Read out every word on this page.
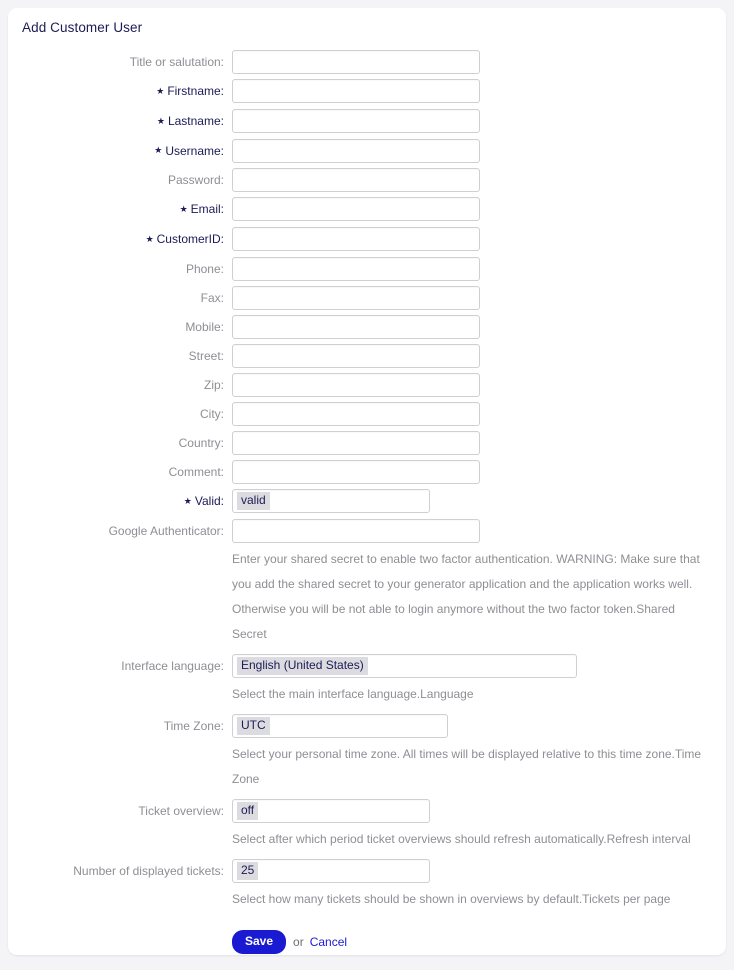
Add Customer User
Title or salutation:
★ Firstname:
★ Lastname:
★ Username:
Password:
★ Email:
★ CustomerID:
Phone:
Fax:
Mobile:
Street:
Zip:
City:
Country:
Comment:
★ Valid:	valid
Google Authenticator:
Enter your shared secret to enable two factor authentication. WARNING: Make sure that you add the shared secret to your generator application and the application works well. Otherwise you will be not able to login anymore without the two factor token.Shared Secret
Interface language:	English (United States)
Select the main interface language.Language
Time Zone:	UTC
Select your personal time zone. All times will be displayed relative to this time zone.Time Zone
Ticket overview:	off
Select after which period ticket overviews should refresh automatically.Refresh interval
Number of displayed tickets:	25
Select how many tickets should be shown in overviews by default.Tickets per page
Save	or Cancel
